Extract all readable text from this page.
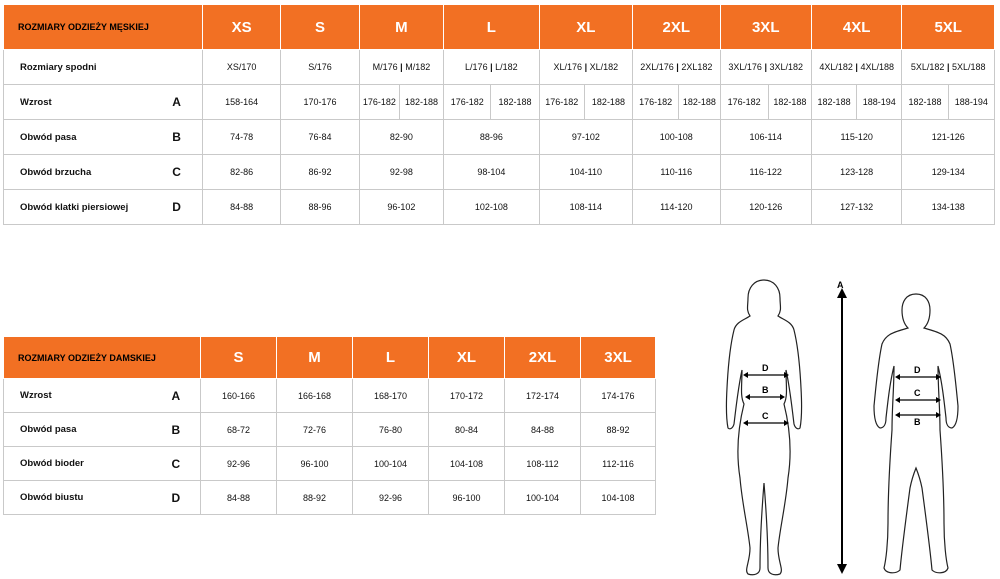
ROZMIARY ODZIEŻY MĘSKIEJ		XS	S	M		L		XL		2XL		3XL		4XL		5XL	
Rozmiary spodni		XS/170	S/176	M/176 | M/182		L/176 | L/182		XL/176 | XL/182		2XL/176 | 2XL182		3XL/176 | 3XL/182		4XL/182 | 4XL/188		5XL/182 | 5XL/188	
Wzrost	A	158-164	170-176	176-182	182-188	176-182	182-188	176-182	182-188	176-182	182-188	176-182	182-188	182-188	188-194	182-188	188-194
Obwód pasa	B	74-78	76-84	82-90		88-96		97-102		100-108		106-114		115-120		121-126	
Obwód brzucha	C	82-86	86-92	92-98		98-104		104-110		110-116		116-122		123-128		129-134	
Obwód klatki piersiowej	D	84-88	88-96	96-102		102-108		108-114		114-120		120-126		127-132		134-138	
ROZMIARY ODZIEŻY DAMSKIEJ		S	M	L	XL	2XL	3XL
Wzrost	A	160-166	166-168	168-170	170-172	172-174	174-176
Obwód pasa	B	68-72	72-76	76-80	80-84	84-88	88-92
Obwód bioder	C	92-96	96-100	100-104	104-108	108-112	112-116
Obwód biustu	D	84-88	88-92	92-96	96-100	100-104	104-108
A
D
B
C
D
C
B
